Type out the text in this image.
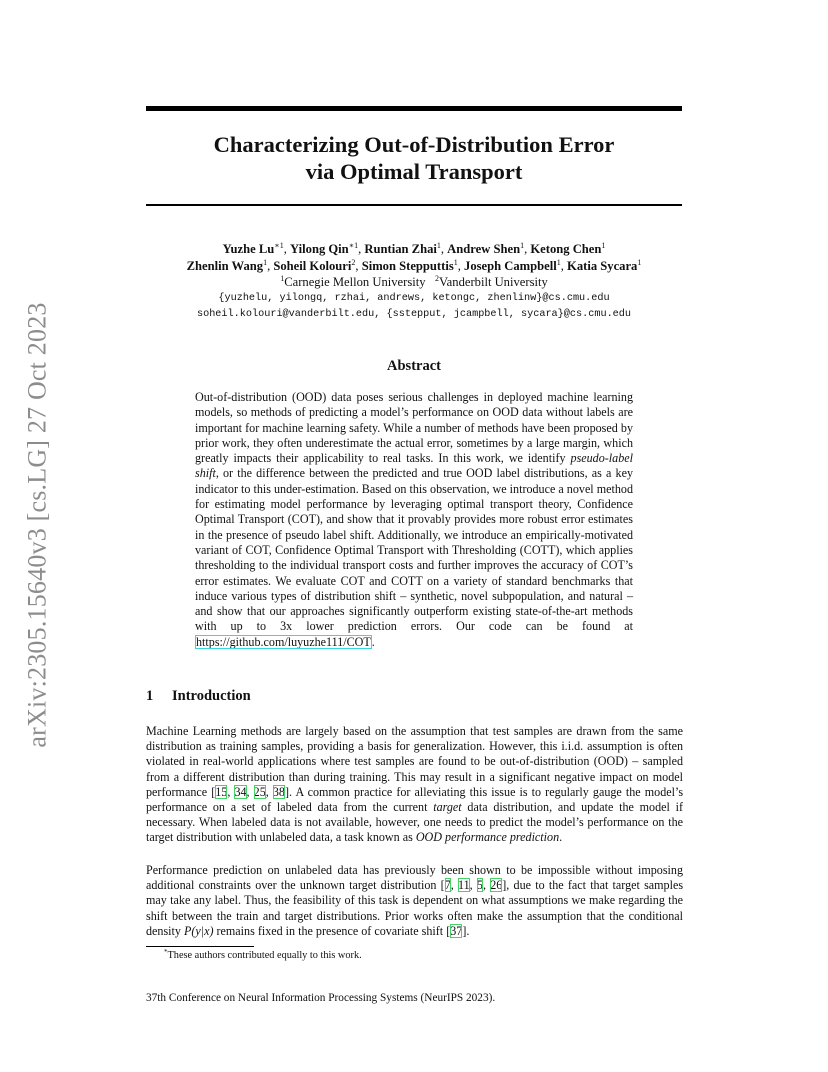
arXiv:2305.15640v3 [cs.LG] 27 Oct 2023
Characterizing Out-of-Distribution Error
via Optimal Transport
Yuzhe $Lu^{∗1}$, Yilong Qin$^{∗1}$, Runtian Zhai$^1$, Andrew Shen$^1$, Ketong Chen$^1$
Zhenlin Wang$^1$, Soheil Kolouri$^2$, Simon Stepputtis$^1$, Joseph Campbell$^1$, Katia Sycara$^1$
$^1$Carnegie Mellon University $^2$Vanderbilt University
{yuzhelu, yilongq, rzhai, andrews, ketongc, zhenlinw}@cs.cmu.edu
soheil.kolouri@vanderbilt.edu, {sstepput, jcampbell, sycara}@cs.cmu.edu
Abstract
Out-of-distribution (OOD) data poses serious challenges in deployed machine learning models, so methods of predicting a model’s performance on OOD data without labels are important for machine learning safety. While a number of methods have been proposed by prior work, they often underestimate the actual error, sometimes by a large margin, which greatly impacts their applicability to real tasks. In this work, we identify pseudo-label shift, or the difference between the predicted and true OOD label distributions, as a key indicator to this under-estimation. Based on this observation, we introduce a novel method for estimating model performance by leveraging optimal transport theory, Confidence Optimal Transport (COT), and show that it provably provides more robust error estimates in the presence of pseudo label shift. Additionally, we introduce an empirically-motivated variant of COT, Confidence Optimal Transport with Thresholding (COTT), which applies thresholding to the individual transport costs and further improves the accuracy of COT’s error estimates. We evaluate COT and COTT on a variety of standard benchmarks that induce various types of distribution shift – synthetic, novel subpopulation, and natural – and show that our approaches significantly outperform existing state-of-the-art methods with up to 3x lower prediction errors. Our code can be found at https://github.com/luyuzhe111/COT.
1 Introduction
Machine Learning methods are largely based on the assumption that test samples are drawn from the same distribution as training samples, providing a basis for generalization. However, this i.i.d. assumption is often violated in real-world applications where test samples are found to be out-of-distribution (OOD) – sampled from a different distribution than during training. This may result in a significant negative impact on model performance [15, 34, 25, 38]. A common practice for alleviating this issue is to regularly gauge the model’s performance on a set of labeled data from the current target data distribution, and update the model if necessary. When labeled data is not available, however, one needs to predict the model’s performance on the target distribution with unlabeled data, a task known as OOD performance prediction.
Performance prediction on unlabeled data has previously been shown to be impossible without imposing additional constraints over the unknown target distribution [7, 11, 5, 26], due to the fact that target samples may take any label. Thus, the feasibility of this task is dependent on what assumptions we make regarding the shift between the train and target distributions. Prior works often make the assumption that the conditional density P(y|x) remains fixed in the presence of covariate shift [37].
*These authors contributed equally to this work.
37th Conference on Neural Information Processing Systems (NeurIPS 2023).
